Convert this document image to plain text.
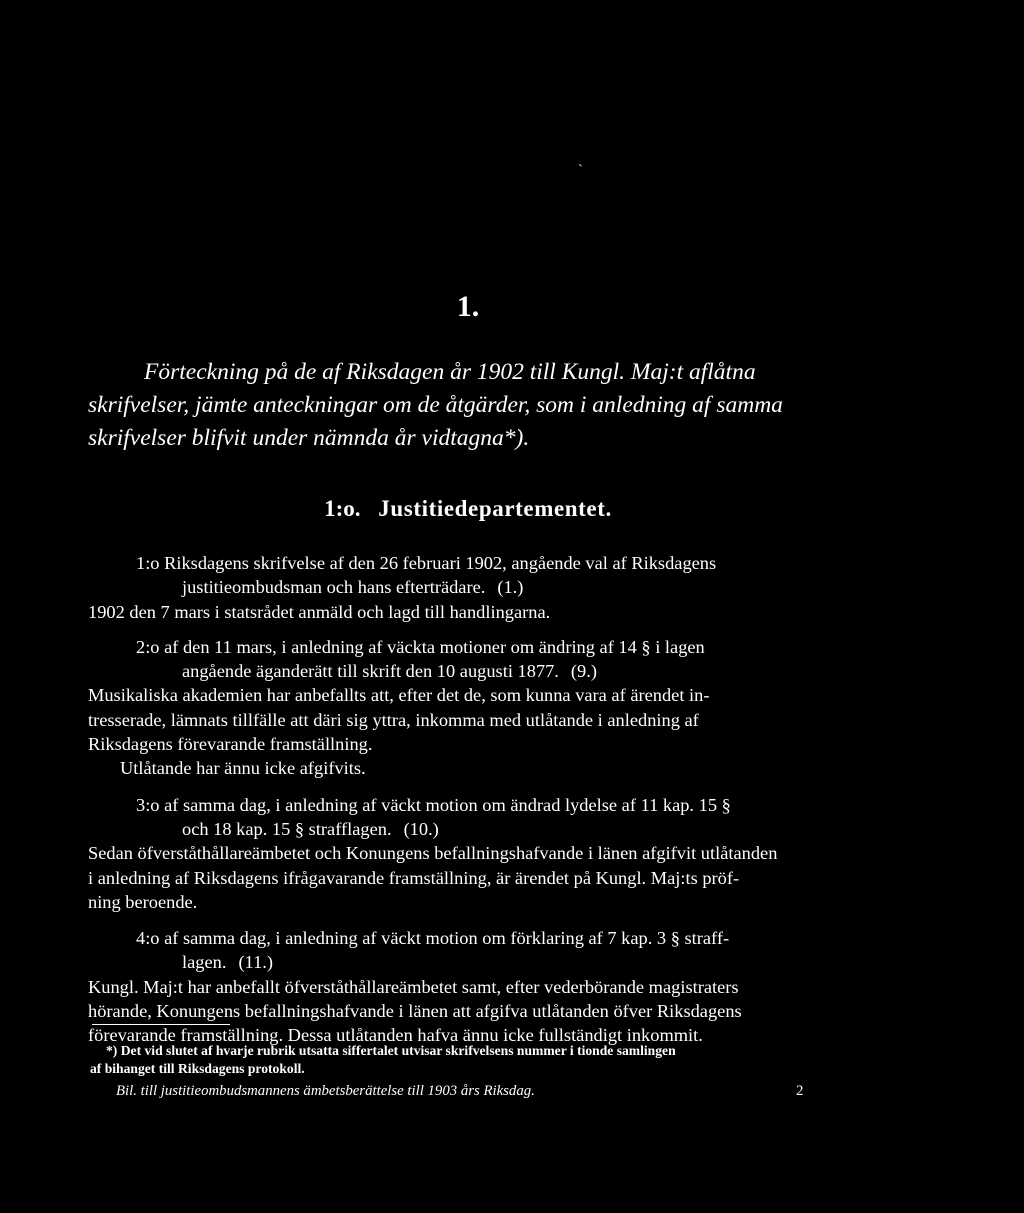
`
1.
Förteckning på de af Riksdagen år 1902 till Kungl. Maj:t aflåtna
skrifvelser, jämte anteckningar om de åtgärder, som i anledning af samma
skrifvelser blifvit under nämnda år vidtagna*).
1:o. Justitiedepartementet.

1:o Riksdagens skrifvelse af den 26 februari 1902, angående val af Riksdagens
justitieombudsman och hans efterträdare. (1.)

1902 den 7 mars i statsrådet anmäld och lagd till handlingarna.

2:o af den 11 mars, i anledning af väckta motioner om ändring af 14 § i lagen
angående äganderätt till skrift den 10 augusti 1877. (9.)

Musikaliska akademien har anbefallts att, efter det de, som kunna vara af ärendet in-
tresserade, lämnats tillfälle att däri sig yttra, inkomma med utlåtande i anledning af
Riksdagens förevarande framställning.

Utlåtande har ännu icke afgifvits.

3:o af samma dag, i anledning af väckt motion om ändrad lydelse af 11 kap. 15 §
och 18 kap. 15 § strafflagen. (10.)

Sedan öfverståthållareämbetet och Konungens befallningshafvande i länen afgifvit utlåtanden
i anledning af Riksdagens ifrågavarande framställning, är ärendet på Kungl. Maj:ts pröf-
ning beroende.

4:o af samma dag, i anledning af väckt motion om förklaring af 7 kap. 3 § straff-
lagen. (11.)

Kungl. Maj:t har anbefallt öfverståthållareämbetet samt, efter vederbörande magistraters
hörande, Konungens befallningshafvande i länen att afgifva utlåtanden öfver Riksdagens
förevarande framställning. Dessa utlåtanden hafva ännu icke fullständigt inkommit.

*) Det vid slutet af hvarje rubrik utsatta siffertalet utvisar skrifvelsens nummer i tionde samlingen
af bihanget till Riksdagens protokoll.
Bil. till justitieombudsmannens ämbetsberättelse till 1903 års Riksdag.	2
